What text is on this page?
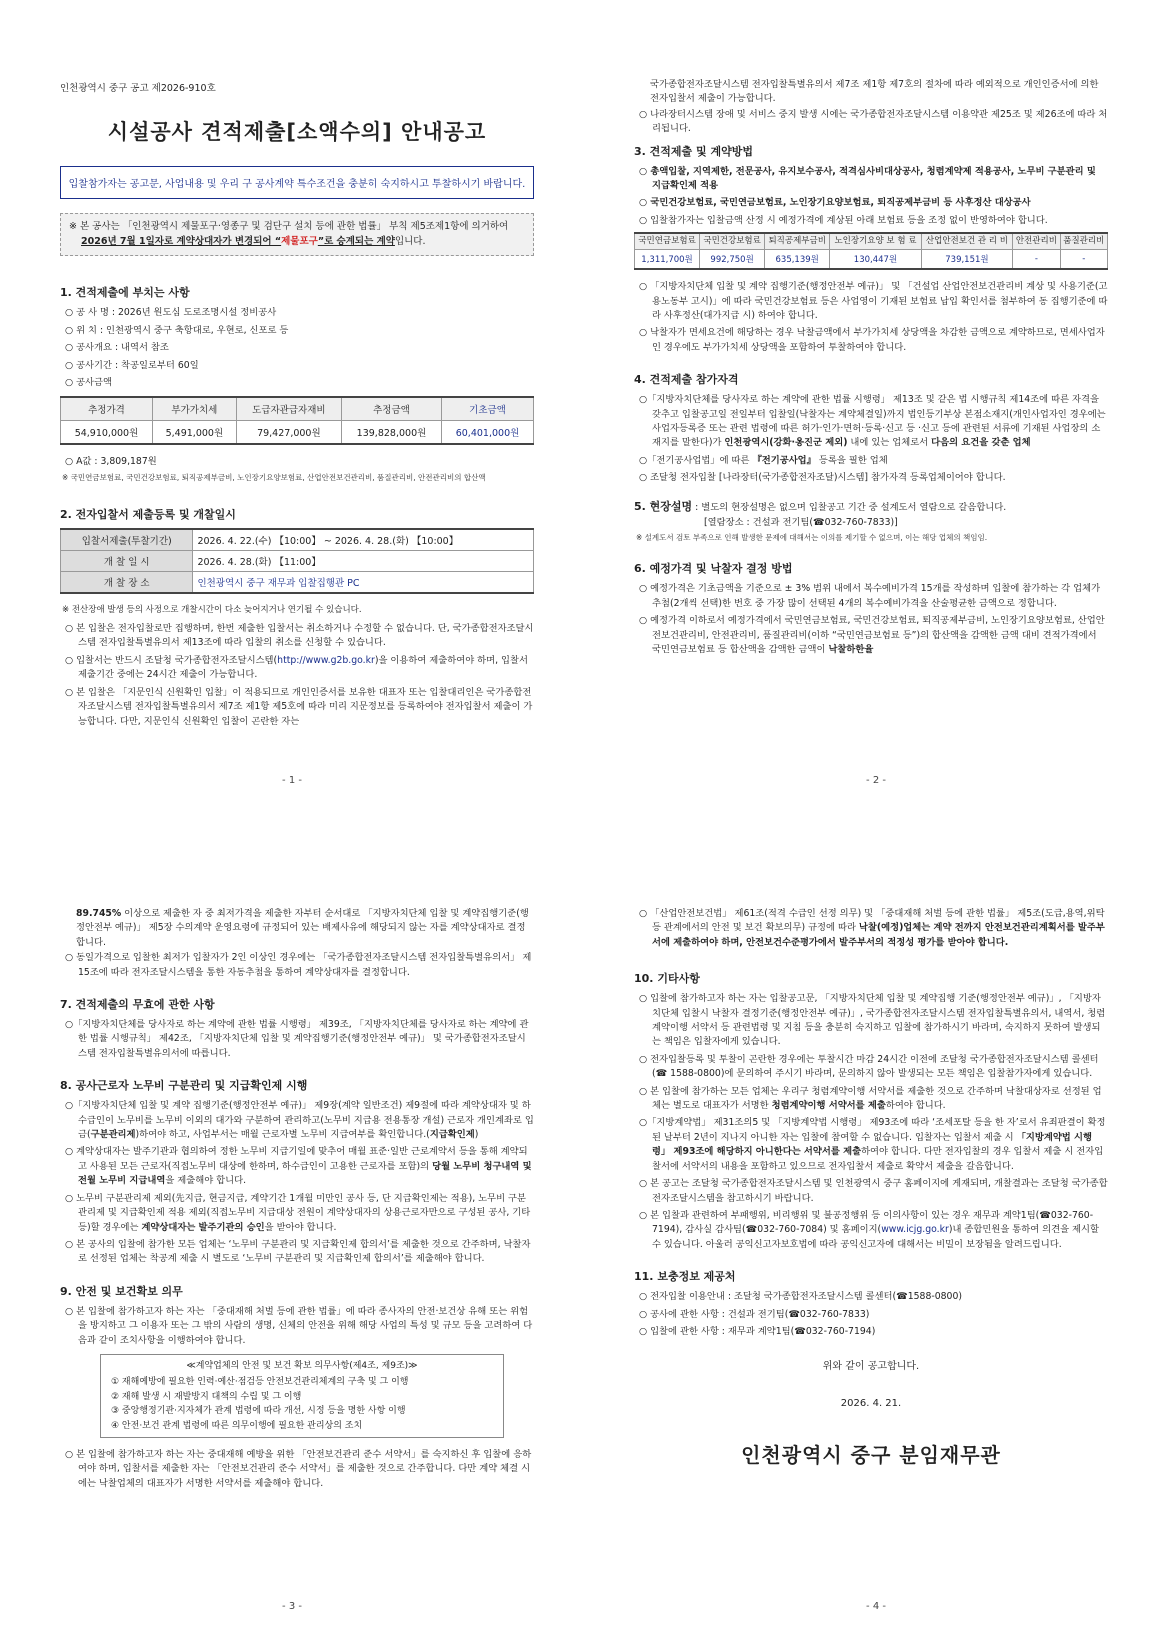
인천광역시 중구 공고 제2026-910호
시설공사 견적제출[소액수의] 안내공고
입찰참가자는 공고문, 사업내용 및 우리 구 공사계약 특수조건을 충분히 숙지하시고 투찰하시기 바랍니다.
※ 본 공사는 「인천광역시 제물포구·영종구 및 검단구 설치 등에 관한 법률」 부칙 제5조제1항에 의거하여
2026년 7월 1일자로 계약상대자가 변경되어 “제물포구”로 승계되는 계약입니다.
1. 견적제출에 부치는 사항
○ 공 사 명 : 2026년 원도심 도로조명시설 정비공사
○ 위 치 : 인천광역시 중구 축항대로, 우현로, 신포로 등
○ 공사개요 : 내역서 참조
○ 공사기간 : 착공일로부터 60일
○ 공사금액
추정가격	부가가치세	도급자관급자재비	추정금액	기초금액
54,910,000원	5,491,000원	79,427,000원	139,828,000원	60,401,000원
○ A값 : 3,809,187원
※ 국민연금보험료, 국민건강보험료, 퇴직공제부금비, 노인장기요양보험료, 산업안전보건관리비, 품질관리비, 안전관리비의 합산액
2. 전자입찰서 제출등록 및 개찰일시
입찰서제출(투찰기간)	2026. 4. 22.(수) 【10:00】 ~ 2026. 4. 28.(화) 【10:00】
개 찰 일 시	2026. 4. 28.(화) 【11:00】
개 찰 장 소	인천광역시 중구 재무과 입찰집행관 PC
※ 전산장애 발생 등의 사정으로 개찰시간이 다소 늦어지거나 연기될 수 있습니다.
○ 본 입찰은 전자입찰로만 집행하며, 한번 제출한 입찰서는 취소하거나 수정할 수 없습니다. 단, 국가종합전자조달시스템 전자입찰특별유의서 제13조에 따라 입찰의 취소를 신청할 수 있습니다.
○ 입찰서는 반드시 조달청 국가종합전자조달시스템(http://www.g2b.go.kr)을 이용하여 제출하여야 하며, 입찰서 제출기간 중에는 24시간 제출이 가능합니다.
○ 본 입찰은 「지문인식 신원확인 입찰」이 적용되므로 개인인증서를 보유한 대표자 또는 입찰대리인은 국가종합전자조달시스템 전자입찰특별유의서 제7조 제1항 제5호에 따라 미리 지문정보를 등록하여야 전자입찰서 제출이 가능합니다. 다만, 지문인식 신원확인 입찰이 곤란한 자는
- 1 -
국가종합전자조달시스템 전자입찰특별유의서 제7조 제1항 제7호의 절차에 따라 예외적으로 개인인증서에 의한 전자입찰서 제출이 가능합니다.
○ 나라장터시스템 장애 및 서비스 중지 발생 시에는 국가종합전자조달시스템 이용약관 제25조 및 제26조에 따라 처리됩니다.
3. 견적제출 및 계약방법
○ 총액입찰, 지역제한, 전문공사, 유지보수공사, 적격심사비대상공사, 청렴계약제 적용공사, 노무비 구분관리 및 지급확인제 적용
○ 국민건강보험료, 국민연금보험료, 노인장기요양보험료, 퇴직공제부금비 등 사후정산 대상공사
○ 입찰참가자는 입찰금액 산정 시 예정가격에 계상된 아래 보험료 등을 조정 없이 반영하여야 합니다.
국민연금보험료	국민건강보험료	퇴직공제부금비	노인장기요양 보 험 료	산업안전보건 관 리 비	안전관리비	품질관리비
1,311,700원	992,750원	635,139원	130,447원	739,151원	-	-
○ 「지방자치단체 입찰 및 계약 집행기준(행정안전부 예규)」 및 「건설업 산업안전보건관리비 계상 및 사용기준(고용노동부 고시)」에 따라 국민건강보험료 등은 사업영이 기재된 보험료 납입 확인서를 첨부하여 동 집행기준에 따라 사후정산(대가지급 시) 하여야 합니다.
○ 낙찰자가 면세요건에 해당하는 경우 낙찰금액에서 부가가치세 상당액을 차감한 금액으로 계약하므로, 면세사업자인 경우에도 부가가치세 상당액을 포함하여 투찰하여야 합니다.
4. 견적제출 참가자격
○「지방자치단체를 당사자로 하는 계약에 관한 법률 시행령」 제13조 및 같은 법 시행규칙 제14조에 따른 자격을 갖추고 입찰공고일 전일부터 입찰일(낙찰자는 계약체결일)까지 법인등기부상 본점소재지(개인사업자인 경우에는 사업자등록증 또는 관련 법령에 따른 허가·인가·면허·등록·신고 등 ·신고 등에 관련된 서류에 기재된 사업장의 소재지를 말한다)가 인천광역시(강화·옹진군 제외) 내에 있는 업체로서 다음의 요건을 갖춘 업체
○「전기공사업법」에 따른 『전기공사업』 등록을 필한 업체
○ 조달청 전자입찰 [나라장터(국가종합전자조달)시스템] 참가자격 등록업체이어야 합니다.
5. 현장설명 : 별도의 현장설명은 없으며 입찰공고 기간 중 설계도서 열람으로 갈음합니다.
[열람장소 : 건설과 전기팀(☎032-760-7833)]
※ 설계도서 검토 부족으로 인해 발생한 문제에 대해서는 이의를 제기할 수 없으며, 이는 해당 업체의 책임임.
6. 예정가격 및 낙찰자 결정 방법
○ 예정가격은 기초금액을 기준으로 ± 3% 범위 내에서 복수예비가격 15개를 작성하며 입찰에 참가하는 각 업체가 추첨(2개씩 선택)한 번호 중 가장 많이 선택된 4개의 복수예비가격을 산술평균한 금액으로 정합니다.
○ 예정가격 이하로서 예정가격에서 국민연금보험료, 국민건강보험료, 퇴직공제부금비, 노인장기요양보험료, 산업안전보건관리비, 안전관리비, 품질관리비(이하 “국민연금보험료 등”)의 합산액을 감액한 금액 대비 견적가격에서 국민연금보험료 등 합산액을 감액한 금액이 낙찰하한율
- 2 -
89.745% 이상으로 제출한 자 중 최저가격을 제출한 자부터 순서대로 「지방자치단체 입찰 및 계약집행기준(행정안전부 예규)」 제5장 수의계약 운영요령에 규정되어 있는 배제사유에 해당되지 않는 자를 계약상대자로 결정합니다.
○ 동일가격으로 입찰한 최저가 입찰자가 2인 이상인 경우에는 「국가종합전자조달시스템 전자입찰특별유의서」 제15조에 따라 전자조달시스템을 통한 자동추첨을 통하여 계약상대자를 결정합니다.
7. 견적제출의 무효에 관한 사항
○「지방자치단체를 당사자로 하는 계약에 관한 법률 시행령」 제39조, 「지방자치단체를 당사자로 하는 계약에 관한 법률 시행규칙」 제42조, 「지방자치단체 입찰 및 계약집행기준(행정안전부 예규)」 및 국가종합전자조달시스템 전자입찰특별유의서에 따릅니다.
8. 공사근로자 노무비 구분관리 및 지급확인제 시행
○「지방자치단체 입찰 및 계약 집행기준(행정안전부 예규)」 제9장(계약 일반조건) 제9절에 따라 계약상대자 및 하수급인이 노무비를 노무비 이외의 대가와 구분하여 관리하고(노무비 지급용 전용통장 개설) 근로자 개인계좌로 입금(구분관리제)하여야 하고, 사업부서는 매월 근로자별 노무비 지급여부를 확인합니다.(지급확인제)
○ 계약상대자는 발주기관과 협의하여 정한 노무비 지급기일에 맞추어 매월 표준·일반 근로계약서 등을 통해 계약되고 사용된 모든 근로자(직접노무비 대상에 한하며, 하수급인이 고용한 근로자를 포함)의 당월 노무비 청구내역 및 전월 노무비 지급내역을 제출해야 합니다.
○ 노무비 구분관리제 제외(先지급, 현금지급, 계약기간 1개월 미만인 공사 등, 단 지급확인제는 적용), 노무비 구분관리제 및 지급확인제 적용 제외(직접노무비 지급대상 전원이 계약상대자의 상용근로자만으로 구성된 공사, 기타 등)할 경우에는 계약상대자는 발주기관의 승인을 받아야 합니다.
○ 본 공사의 입찰에 참가한 모든 업체는 ‘노무비 구분관리 및 지급확인제 합의서’를 제출한 것으로 간주하며, 낙찰자로 선정된 업체는 착공계 제출 시 별도로 ‘노무비 구분관리 및 지급확인제 합의서’를 제출해야 합니다.
9. 안전 및 보건확보 의무
○ 본 입찰에 참가하고자 하는 자는 「중대재해 처벌 등에 관한 법률」에 따라 종사자의 안전·보건상 유해 또는 위험을 방지하고 그 이용자 또는 그 밖의 사람의 생명, 신체의 안전을 위해 해당 사업의 특성 및 규모 등을 고려하여 다음과 같이 조치사항을 이행하여야 합니다.
≪계약업체의 안전 및 보건 확보 의무사항(제4조, 제9조)≫
① 재해예방에 필요한 인력·예산·점검등 안전보건관리체계의 구축 및 그 이행
② 재해 발생 시 재발방지 대책의 수립 및 그 이행
③ 중앙행정기관·지자체가 관계 법령에 따라 개선, 시정 등을 명한 사항 이행
④ 안전·보건 관계 법령에 따른 의무이행에 필요한 관리상의 조치
○ 본 입찰에 참가하고자 하는 자는 중대재해 예방을 위한 「안전보건관리 준수 서약서」를 숙지하신 후 입찰에 응하여야 하며, 입찰서를 제출한 자는 「안전보건관리 준수 서약서」를 제출한 것으로 간주합니다. 다만 계약 체결 시에는 낙찰업체의 대표자가 서명한 서약서를 제출해야 합니다.
- 3 -
○ 「산업안전보건법」 제61조(적격 수급인 선정 의무) 및 「중대재해 처벌 등에 관한 법률」 제5조(도급,용역,위탁 등 관계에서의 안전 및 보건 확보의무) 규정에 따라 낙찰(예정)업체는 계약 전까지 안전보건관리계획서를 발주부서에 제출하여야 하며, 안전보건수준평가에서 발주부서의 적정성 평가를 받아야 합니다.
10. 기타사항
○ 입찰에 참가하고자 하는 자는 입찰공고문, 「지방자치단체 입찰 및 계약집행 기준(행정안전부 예규)」, 「지방자치단체 입찰시 낙찰자 결정기준(행정안전부 예규)」, 국가종합전자조달시스템 전자입찰특별유의서, 내역서, 청렴계약이행 서약서 등 관련법령 및 지침 등을 충분히 숙지하고 입찰에 참가하시기 바라며, 숙지하지 못하여 발생되는 책임은 입찰자에게 있습니다.
○ 전자입찰등록 및 투찰이 곤란한 경우에는 투찰시간 마감 24시간 이전에 조달청 국가종합전자조달시스템 콜센터(☎ 1588-0800)에 문의하여 주시기 바라며, 문의하지 않아 발생되는 모든 책임은 입찰참가자에게 있습니다.
○ 본 입찰에 참가하는 모든 업체는 우리구 청렴계약이행 서약서를 제출한 것으로 간주하며 낙찰대상자로 선정된 업체는 별도로 대표자가 서명한 청렴계약이행 서약서를 제출하여야 합니다.
○「지방계약법」 제31조의5 및 「지방계약법 시행령」 제93조에 따라 ‘조세포탈 등을 한 자’로서 유죄판결이 확정된 날부터 2년이 지나지 아니한 자는 입찰에 참여할 수 없습니다. 입찰자는 입찰서 제출 시 「지방계약법 시행령」 제93조에 해당하지 아니한다는 서약서를 제출하여야 합니다. 다만 전자입찰의 경우 입찰서 제출 시 전자입찰서에 서약서의 내용을 포함하고 있으므로 전자입찰서 제출로 확약서 제출을 갈음합니다.
○ 본 공고는 조달청 국가종합전자조달시스템 및 인천광역시 중구 홈페이지에 게재되며, 개찰결과는 조달청 국가종합전자조달시스템을 참고하시기 바랍니다.
○ 본 입찰과 관련하여 부패행위, 비리행위 및 불공정행위 등 이의사항이 있는 경우 재무과 계약1팀(☎032-760-7194), 감사실 감사팀(☎032-760-7084) 및 홈페이지(www.icjg.go.kr)내 종합민원을 통하여 의견을 제시할 수 있습니다. 아울러 공익신고자보호법에 따라 공익신고자에 대해서는 비밀이 보장됨을 알려드립니다.
11. 보충정보 제공처
○ 전자입찰 이용안내 : 조달청 국가종합전자조달시스템 콜센터(☎1588-0800)
○ 공사에 관한 사항 : 건설과 전기팀(☎032-760-7833)
○ 입찰에 관한 사항 : 재무과 계약1팀(☎032-760-7194)
위와 같이 공고합니다.
2026. 4. 21.
인천광역시 중구 분임재무관
- 4 -
